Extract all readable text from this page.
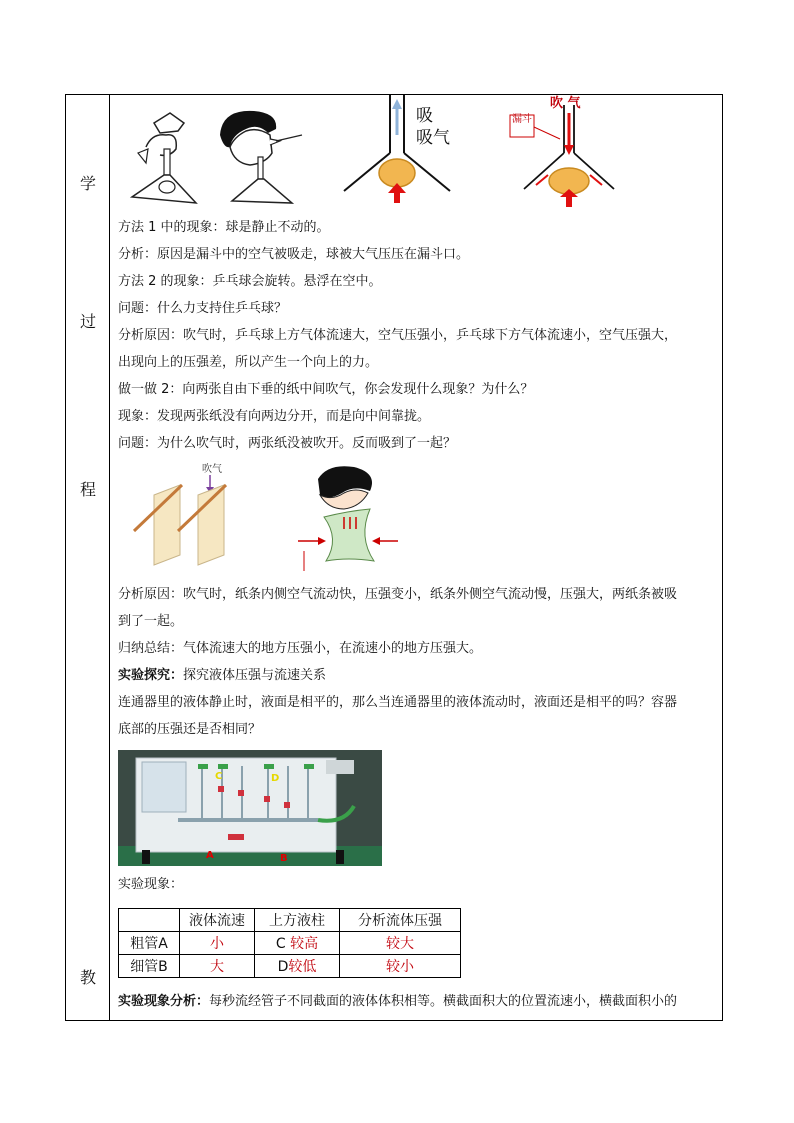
学
过
程
教
吸
吸气
吹 气
漏斗
方法 1 中的现象：球是静止不动的。
分析：原因是漏斗中的空气被吸走，球被大气压压在漏斗口。
方法 2 的现象：乒乓球会旋转。悬浮在空中。
问题：什么力支持住乒乓球？
分析原因：吹气时，乒乓球上方气体流速大，空气压强小，乒乓球下方气体流速小，空气压强大，
出现向上的压强差，所以产生一个向上的力。
做一做 2：向两张自由下垂的纸中间吹气，你会发现什么现象？为什么？
现象：发现两张纸没有向两边分开，而是向中间靠拢。
问题：为什么吹气时，两张纸没被吹开。反而吸到了一起？
吹气
分析原因：吹气时，纸条内侧空气流动快，压强变小，纸条外侧空气流动慢，压强大，两纸条被吸
到了一起。
归纳总结：气体流速大的地方压强小，在流速小的地方压强大。
实验探究：探究液体压强与流速关系
连通器里的液体静止时，液面是相平的，那么当连通器里的液体流动时，液面还是相平的吗？容器
底部的压强还是否相同？
C	D
A	B
实验现象：
	液体流速	上方液柱	分析流体压强
粗管A	小	C 较高	较大
细管B	大	D较低	较小
实验现象分析：每秒流经管子不同截面的液体体积相等。横截面积大的位置流速小，横截面积小的
